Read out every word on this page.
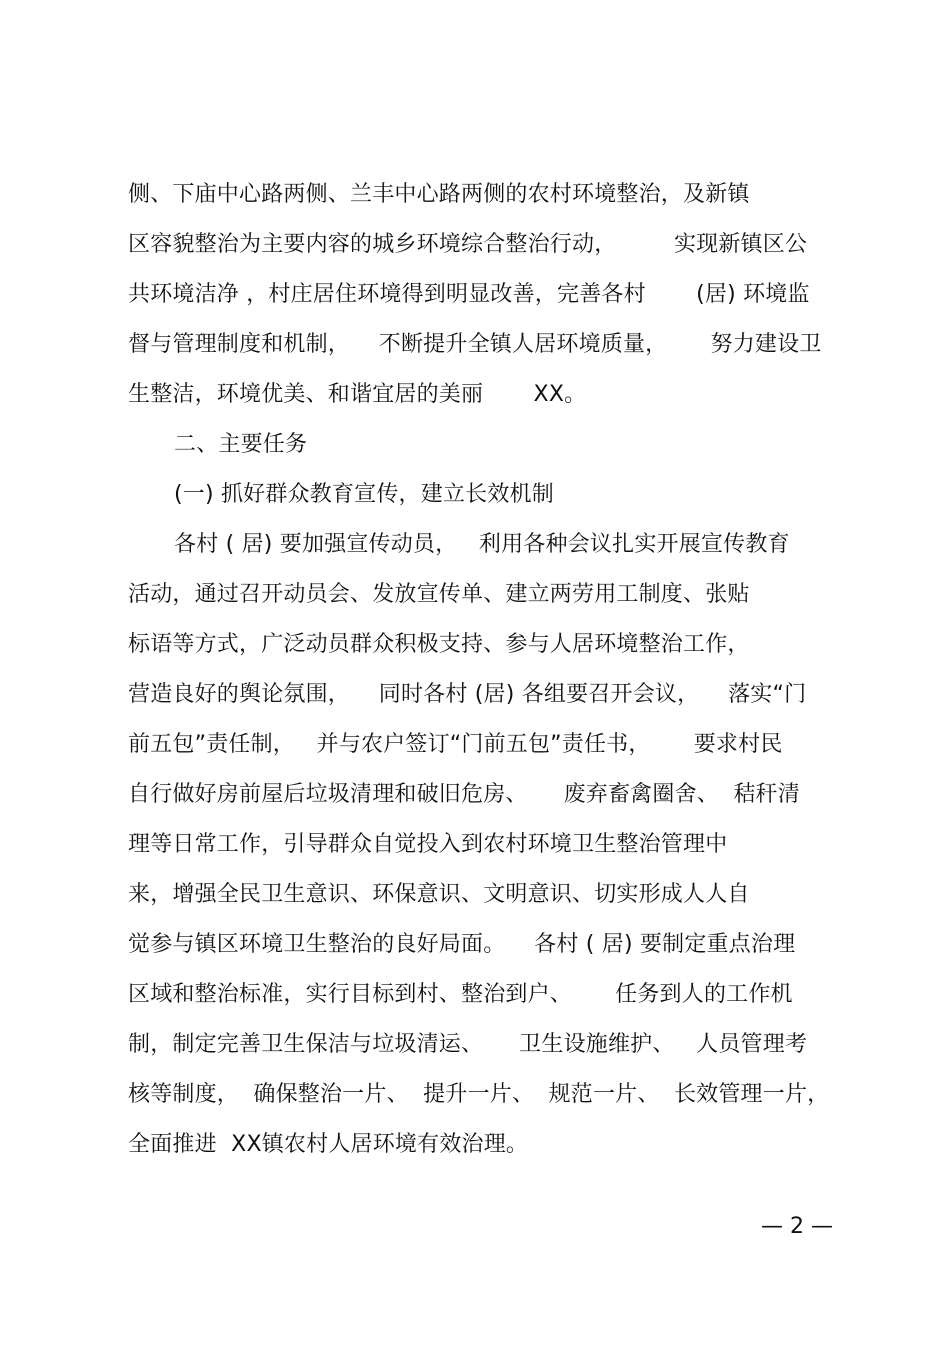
侧、下庙中心路两侧、兰丰中心路两侧的农村环境整治，及新镇
区容貌整治为主要内容的城乡环境综合整治行动，        实现新镇区公
共环境洁净 ，村庄居住环境得到明显改善，完善各村       (居) 环境监
督与管理制度和机制，    不断提升全镇人居环境质量，      努力建设卫
生整洁，环境优美、和谐宜居的美丽       XX。
二、主要任务
(一) 抓好群众教育宣传，建立长效机制
各村 ( 居) 要加强宣传动员，   利用各种会议扎实开展宣传教育
活动，通过召开动员会、发放宣传单、建立两劳用工制度、张贴
标语等方式，广泛动员群众积极支持、参与人居环境整治工作，
营造良好的舆论氛围，    同时各村 (居) 各组要召开会议，    落实“门
前五包”责任制，   并与农户签订“门前五包”责任书，      要求村民
自行做好房前屋后垃圾清理和破旧危房、     废弃畜禽圈舍、  秸秆清
理等日常工作，引导群众自觉投入到农村环境卫生整治管理中
来，增强全民卫生意识、环保意识、文明意识、切实形成人人自
觉参与镇区环境卫生整治的良好局面。    各村 ( 居) 要制定重点治理
区域和整治标准，实行目标到村、整治到户、      任务到人的工作机
制，制定完善卫生保洁与垃圾清运、     卫生设施维护、   人员管理考
核等制度，  确保整治一片、  提升一片、  规范一片、  长效管理一片，
全面推进  XX镇农村人居环境有效治理。
— 2 —
